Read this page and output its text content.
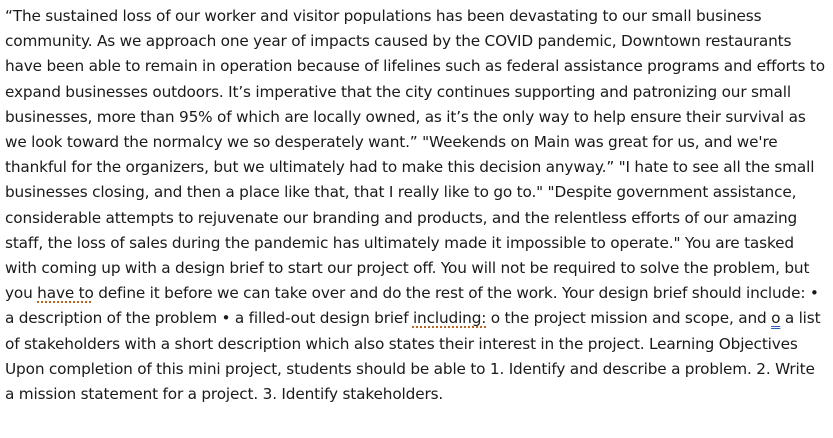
“The sustained loss of our worker and visitor populations has been devastating to our small business community. As we approach one year of impacts caused by the COVID pandemic, Downtown restaurants have been able to remain in operation because of lifelines such as federal assistance programs and efforts to expand businesses outdoors. It’s imperative that the city continues supporting and patronizing our small businesses, more than 95% of which are locally owned, as it’s the only way to help ensure their survival as we look toward the normalcy we so desperately want.” "Weekends on Main was great for us, and we're thankful for the organizers, but we ultimately had to make this decision anyway.” "I hate to see all the small businesses closing, and then a place like that, that I really like to go to." "Despite government assistance, considerable attempts to rejuvenate our branding and products, and the relentless efforts of our amazing staff, the loss of sales during the pandemic has ultimately made it impossible to operate." You are tasked with coming up with a design brief to start our project off. You will not be required to solve the problem, but you have to define it before we can take over and do the rest of the work. Your design brief should include: • a description of the problem • a filled-out design brief including: o the project mission and scope, and o a list of stakeholders with a short description which also states their interest in the project. Learning Objectives Upon completion of this mini project, students should be able to 1. Identify and describe a problem. 2. Write a mission statement for a project. 3. Identify stakeholders.
